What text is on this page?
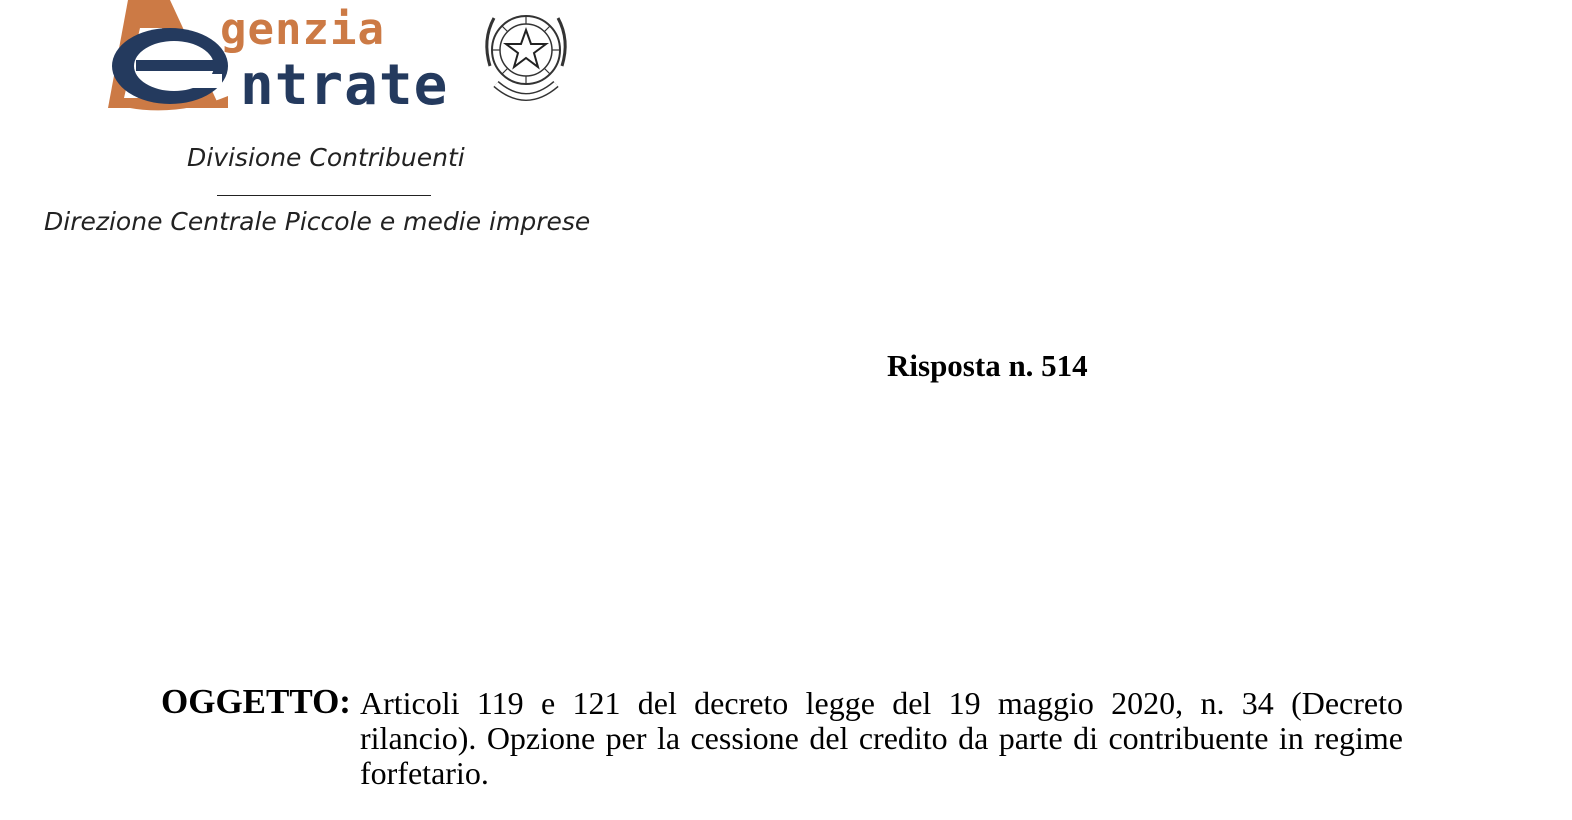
genzia
ntrate
Divisione Contribuenti
Direzione Centrale Piccole e medie imprese
Risposta n. 514
OGGETTO: Articoli 119 e 121 del decreto legge del 19 maggio 2020, n. 34 (Decreto rilancio). Opzione per la cessione del credito da parte di contribuente in regime forfetario.
